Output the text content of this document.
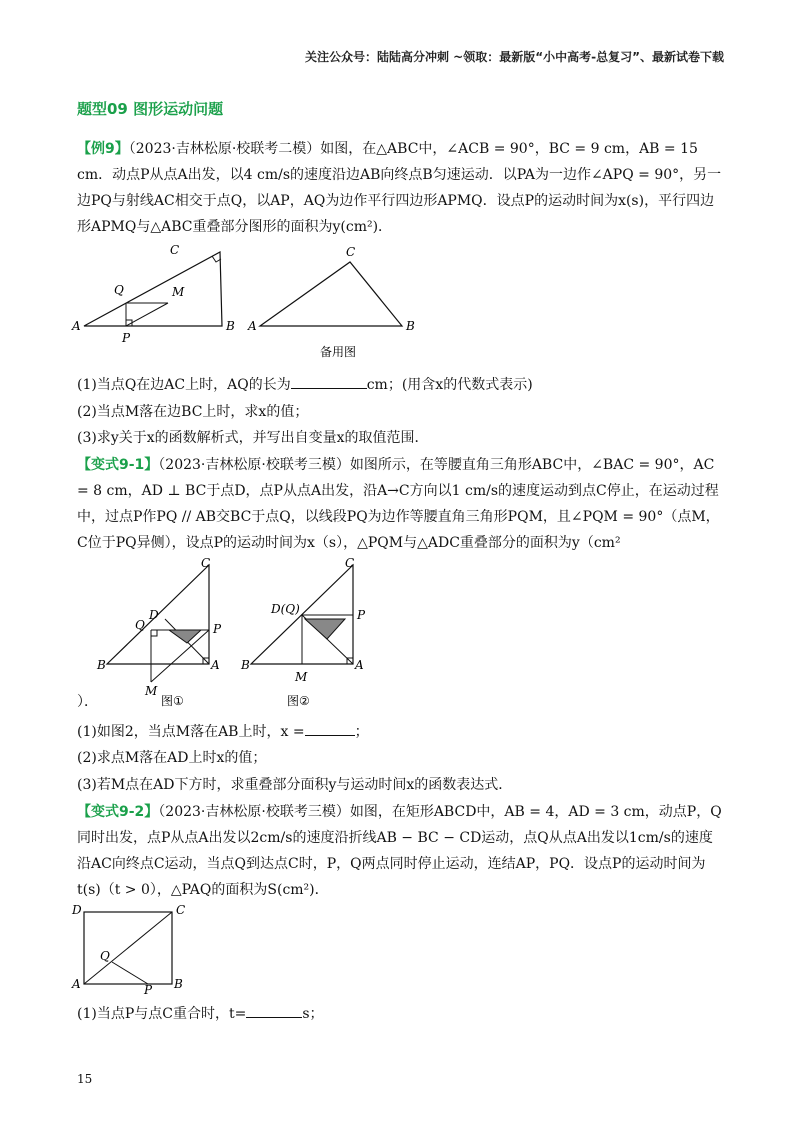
关注公众号：陆陆高分冲刺 ~领取：最新版“小中高考-总复习”、最新试卷下载
题型09 图形运动问题
【例9】（2023·吉林松原·校联考二模）如图，在△ABC中，∠ACB = 90°，BC = 9 cm，AB = 15 cm．动点P从点A出发，以4 cm/s的速度沿边AB向终点B匀速运动．以PA为一边作∠APQ = 90°，另一边PQ与射线AC相交于点Q，以AP，AQ为边作平行四边形APMQ．设点P的运动时间为x(s)，平行四边形APMQ与△ABC重叠部分图形的面积为y(cm²)．
A	B
C
Q	M
P
A	B
C
备用图
(1)当点Q在边AC上时，AQ的长为	cm；(用含x的代数式表示)
(2)当点M落在边BC上时，求x的值；
(3)求y关于x的函数解析式，并写出自变量x的取值范围．
【变式9-1】（2023·吉林松原·校联考三模）如图所示，在等腰直角三角形ABC中，∠BAC = 90°，AC = 8 cm，AD ⊥ BC于点D，点P从点A出发，沿A→C方向以1 cm/s的速度运动到点C停止，在运动过程中，过点P作PQ // AB交BC于点Q，以线段PQ为边作等腰直角三角形PQM，且∠PQM = 90°（点M，C位于PQ异侧），设点P的运动时间为x（s），△PQM与△ADC重叠部分的面积为y（cm²
C
D
Q	P
B	A
M
图①
C
D(Q)	P
B	A
M
图②
）．
(1)如图2，当点M落在AB上时，x =	；
(2)求点M落在AD上时x的值；
(3)若M点在AD下方时，求重叠部分面积y与运动时间x的函数表达式．
【变式9-2】（2023·吉林松原·校联考三模）如图，在矩形ABCD中，AB = 4，AD = 3 cm，动点P，Q同时出发，点P从点A出发以2cm/s的速度沿折线AB − BC − CD运动，点Q从点A出发以1cm/s的速度沿AC向终点C运动，当点Q到达点C时，P，Q两点同时停止运动，连结AP，PQ．设点P的运动时间为t(s)（t > 0），△PAQ的面积为S(cm²)．
D	C
Q
A	B
P
(1)当点P与点C重合时，t=	s；
15
